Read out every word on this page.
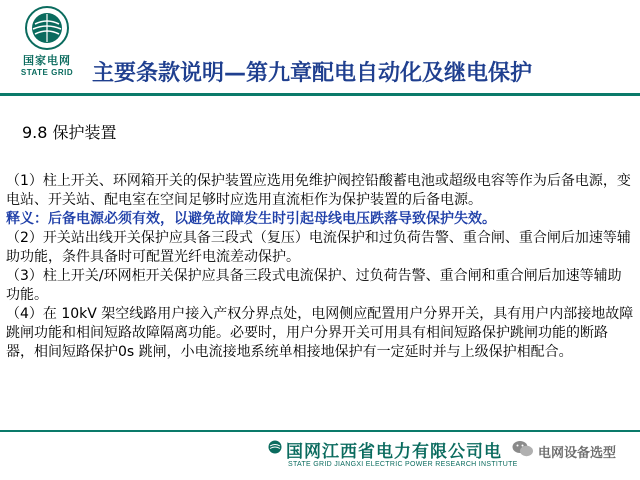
国家电网
STATE GRID 主要条款说明—第九章配电自动化及继电保护
9.8 保护装置

（1）柱上开关、环网箱开关的保护装置应选用免维护阀控铅酸蓄电池或超级电容等作为后备电源，变电站、开关站、配电室在空间足够时应选用直流柜作为保护装置的后备电源。

释义：后备电源必须有效，以避免故障发生时引起母线电压跌落导致保护失效。

（2）开关站出线开关保护应具备三段式（复压）电流保护和过负荷告警、重合闸、重合闸后加速等辅助功能，条件具备时可配置光纤电流差动保护。

（3）柱上开关/环网柜开关保护应具备三段式电流保护、过负荷告警、重合闸和重合闸后加速等辅助功能。

（4）在 10kV 架空线路用户接入产权分界点处，电网侧应配置用户分界开关，具有用户内部接地故障跳闸功能和相间短路故障隔离功能。必要时，用户分界开关可用具有相间短路保护跳闸功能的断路器，相间短路保护0s 跳闸，小电流接地系统单相接地保护有一定延时并与上级保护相配合。

国网江西省电力有限公司电
STATE GRID JIANGXI ELECTRIC POWER RESEARCH INSTITUTE
电网设备选型
